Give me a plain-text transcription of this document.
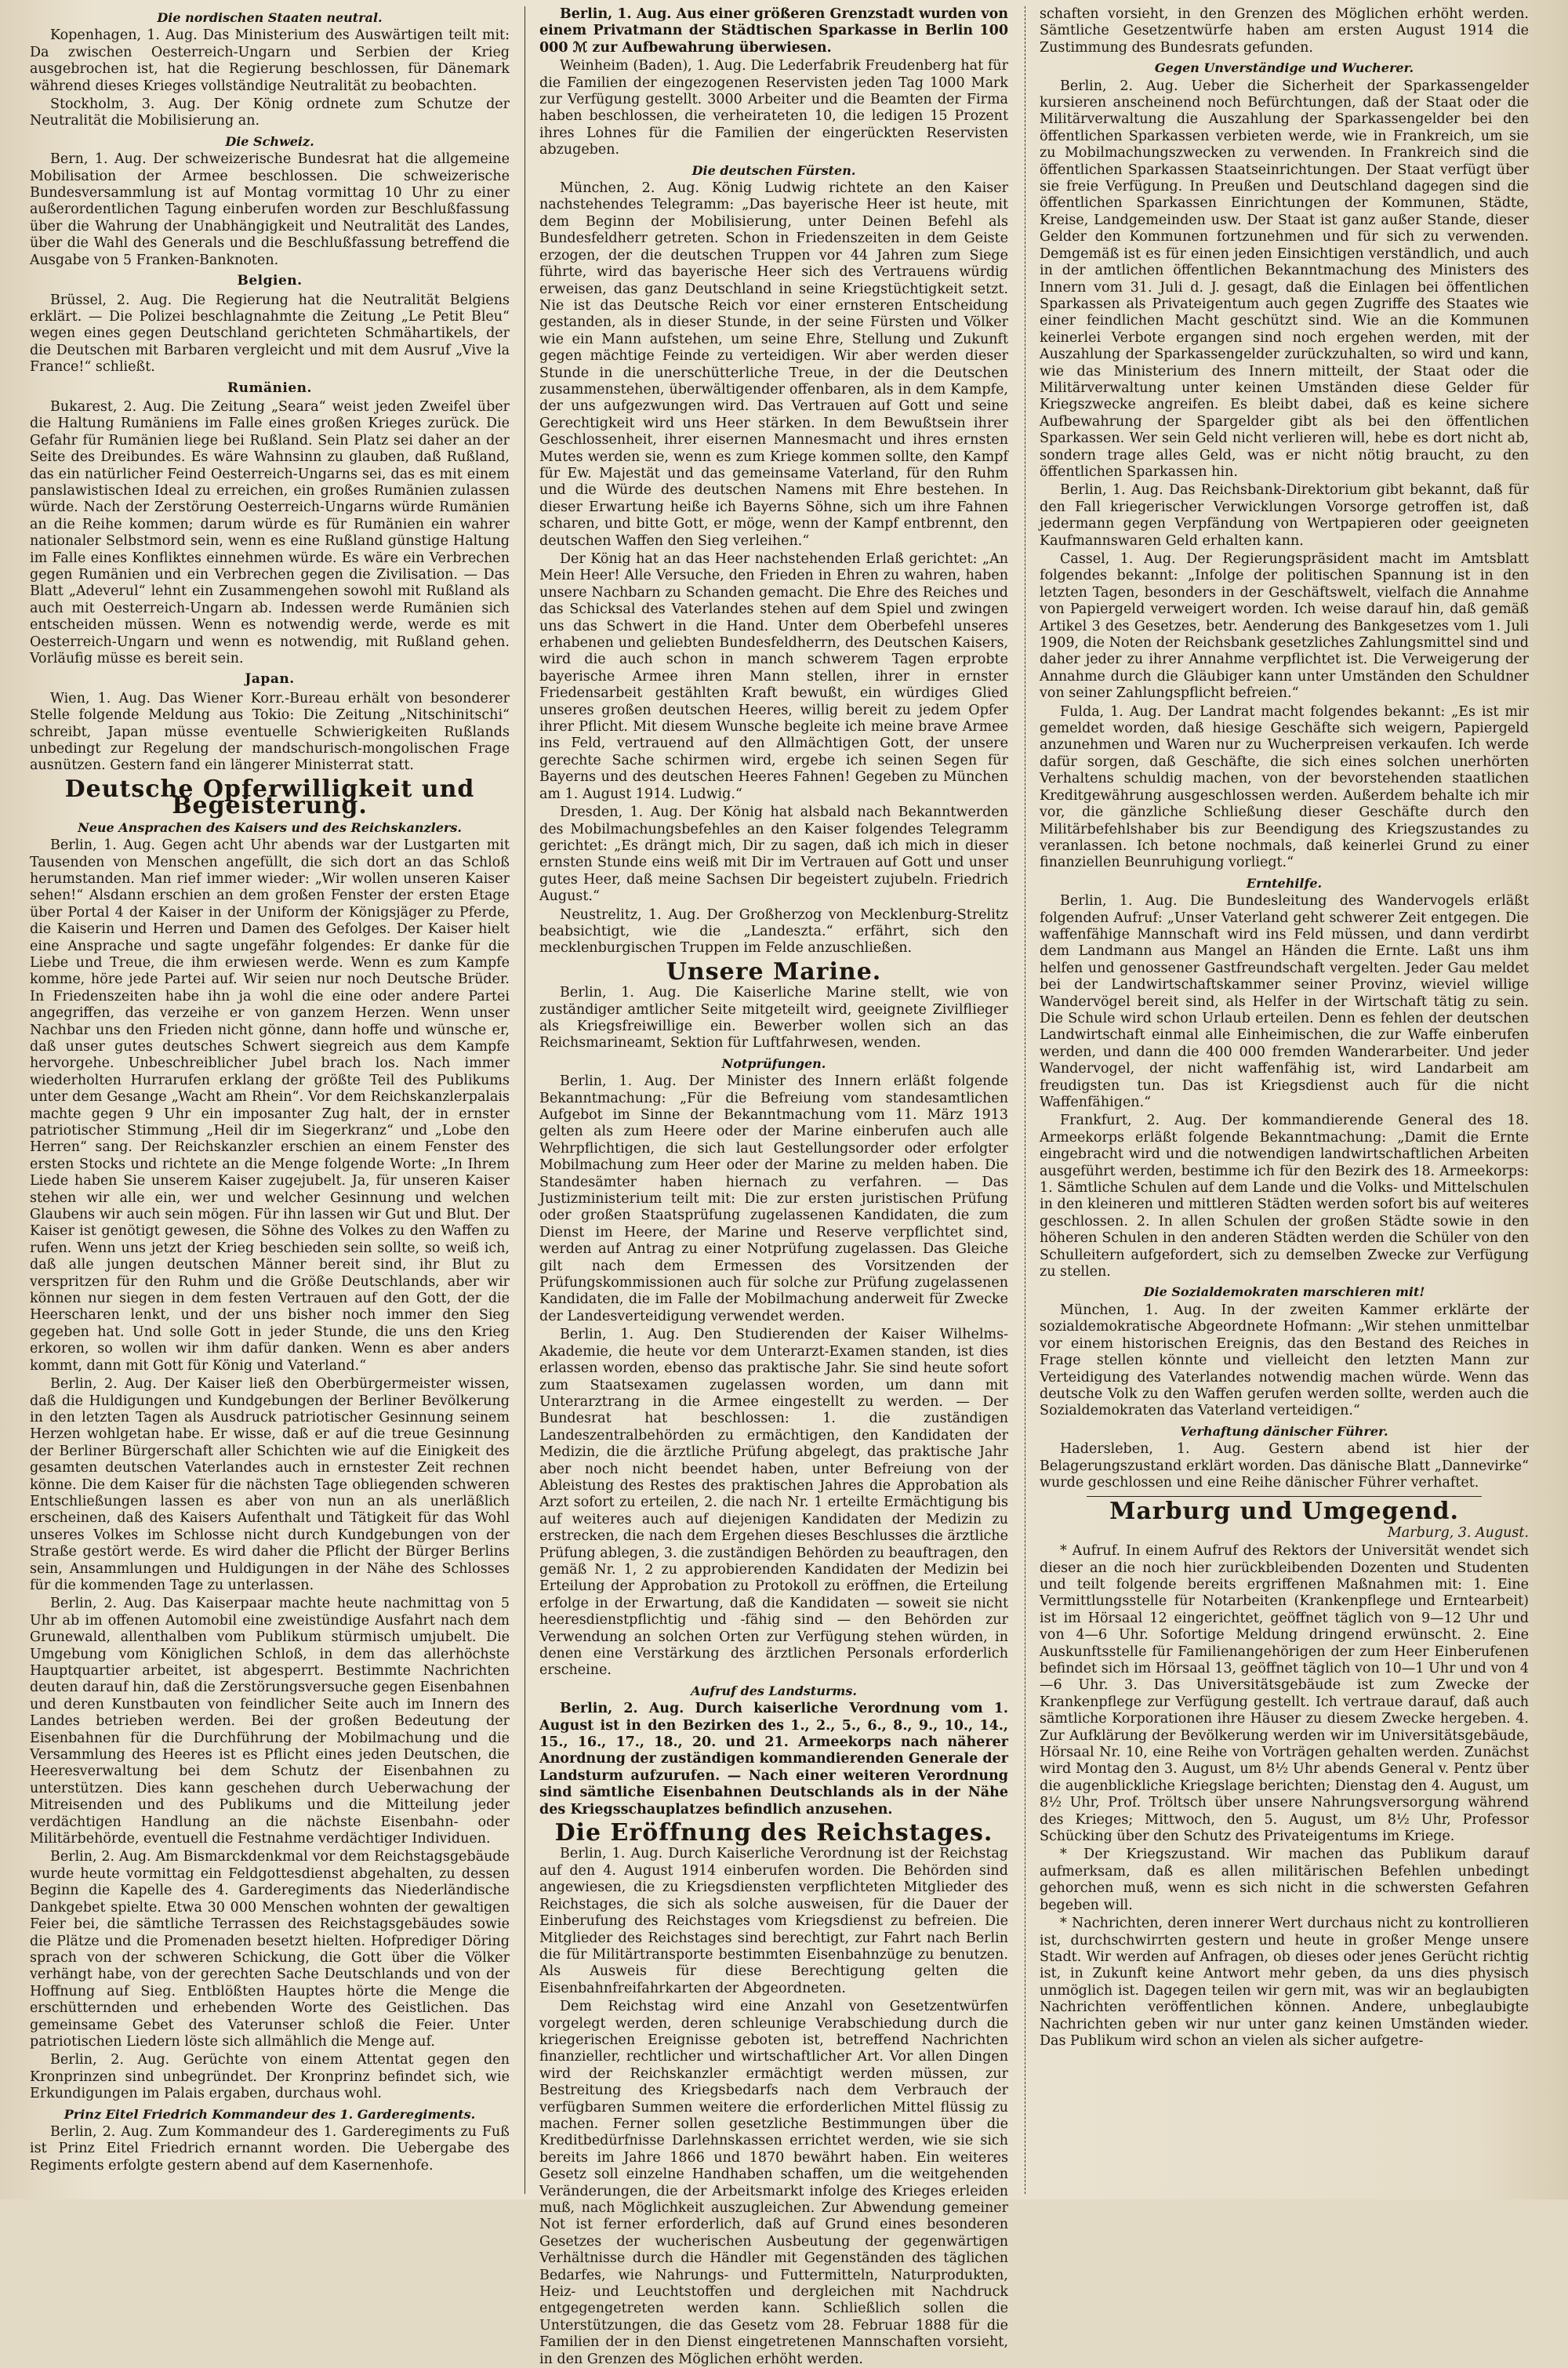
Die nordischen Staaten neutral.

Kopenhagen, 1. Aug. Das Ministerium des Auswärtigen teilt mit: Da zwischen Oesterreich-Ungarn und Serbien der Krieg ausgebrochen ist, hat die Regierung beschlossen, für Dänemark während dieses Krieges vollständige Neutralität zu beobachten.

Stockholm, 3. Aug. Der König ordnete zum Schutze der Neutralität die Mobilisierung an.

Die Schweiz.

Bern, 1. Aug. Der schweizerische Bundesrat hat die allgemeine Mobilisation der Armee beschlossen. Die schweizerische Bundesversammlung ist auf Montag vormittag 10 Uhr zu einer außerordentlichen Tagung einberufen worden zur Beschlußfassung über die Wahrung der Unabhängigkeit und Neutralität des Landes, über die Wahl des Generals und die Beschlußfassung betreffend die Ausgabe von 5 Franken-Banknoten.

Belgien.

Brüssel, 2. Aug. Die Regierung hat die Neutralität Belgiens erklärt. — Die Polizei beschlagnahmte die Zeitung „Le Petit Bleu“ wegen eines gegen Deutschland gerichteten Schmähartikels, der die Deutschen mit Barbaren vergleicht und mit dem Ausruf „Vive la France!“ schließt.

Rumänien.

Bukarest, 2. Aug. Die Zeitung „Seara“ weist jeden Zweifel über die Haltung Rumäniens im Falle eines großen Krieges zurück. Die Gefahr für Rumänien liege bei Rußland. Sein Platz sei daher an der Seite des Dreibundes. Es wäre Wahnsinn zu glauben, daß Rußland, das ein natürlicher Feind Oesterreich-Ungarns sei, das es mit einem panslawistischen Ideal zu erreichen, ein großes Rumänien zulassen würde. Nach der Zerstörung Oesterreich-Ungarns würde Rumänien an die Reihe kommen; darum würde es für Rumänien ein wahrer nationaler Selbstmord sein, wenn es eine Rußland günstige Haltung im Falle eines Konfliktes einnehmen würde. Es wäre ein Verbrechen gegen Rumänien und ein Verbrechen gegen die Zivilisation. — Das Blatt „Adeverul“ lehnt ein Zusammengehen sowohl mit Rußland als auch mit Oesterreich-Ungarn ab. Indessen werde Rumänien sich entscheiden müssen. Wenn es notwendig werde, werde es mit Oesterreich-Ungarn und wenn es notwendig, mit Rußland gehen. Vorläufig müsse es bereit sein.

Japan.

Wien, 1. Aug. Das Wiener Korr.-Bureau erhält von besonderer Stelle folgende Meldung aus Tokio: Die Zeitung „Nitschinitschi“ schreibt, Japan müsse eventuelle Schwierigkeiten Rußlands unbedingt zur Regelung der mandschurisch-mongolischen Frage ausnützen. Gestern fand ein längerer Ministerrat statt.

Deutsche Opferwilligkeit und Begeisterung.
Neue Ansprachen des Kaisers und des Reichskanzlers.

Berlin, 1. Aug. Gegen acht Uhr abends war der Lustgarten mit Tausenden von Menschen angefüllt, die sich dort an das Schloß herumstanden. Man rief immer wieder: „Wir wollen unseren Kaiser sehen!“ Alsdann erschien an dem großen Fenster der ersten Etage über Portal 4 der Kaiser in der Uniform der Königsjäger zu Pferde, die Kaiserin und Herren und Damen des Gefolges. Der Kaiser hielt eine Ansprache und sagte ungefähr folgendes: Er danke für die Liebe und Treue, die ihm erwiesen werde. Wenn es zum Kampfe komme, höre jede Partei auf. Wir seien nur noch Deutsche Brüder. In Friedenszeiten habe ihn ja wohl die eine oder andere Partei angegriffen, das verzeihe er von ganzem Herzen. Wenn unser Nachbar uns den Frieden nicht gönne, dann hoffe und wünsche er, daß unser gutes deutsches Schwert siegreich aus dem Kampfe hervorgehe. Unbeschreiblicher Jubel brach los. Nach immer wiederholten Hurrarufen erklang der größte Teil des Publikums unter dem Gesange „Wacht am Rhein“. Vor dem Reichskanzlerpalais machte gegen 9 Uhr ein imposanter Zug halt, der in ernster patriotischer Stimmung „Heil dir im Siegerkranz“ und „Lobe den Herren“ sang. Der Reichskanzler erschien an einem Fenster des ersten Stocks und richtete an die Menge folgende Worte: „In Ihrem Liede haben Sie unserem Kaiser zugejubelt. Ja, für unseren Kaiser stehen wir alle ein, wer und welcher Gesinnung und welchen Glaubens wir auch sein mögen. Für ihn lassen wir Gut und Blut. Der Kaiser ist genötigt gewesen, die Söhne des Volkes zu den Waffen zu rufen. Wenn uns jetzt der Krieg beschieden sein sollte, so weiß ich, daß alle jungen deutschen Männer bereit sind, ihr Blut zu verspritzen für den Ruhm und die Größe Deutschlands, aber wir können nur siegen in dem festen Vertrauen auf den Gott, der die Heerscharen lenkt, und der uns bisher noch immer den Sieg gegeben hat. Und solle Gott in jeder Stunde, die uns den Krieg erkoren, so wollen wir ihm dafür danken. Wenn es aber anders kommt, dann mit Gott für König und Vaterland.“

Berlin, 2. Aug. Der Kaiser ließ den Oberbürgermeister wissen, daß die Huldigungen und Kundgebungen der Berliner Bevölkerung in den letzten Tagen als Ausdruck patriotischer Gesinnung seinem Herzen wohlgetan habe. Er wisse, daß er auf die treue Gesinnung der Berliner Bürgerschaft aller Schichten wie auf die Einigkeit des gesamten deutschen Vaterlandes auch in ernstester Zeit rechnen könne. Die dem Kaiser für die nächsten Tage obliegenden schweren Entschließungen lassen es aber von nun an als unerläßlich erscheinen, daß des Kaisers Aufenthalt und Tätigkeit für das Wohl unseres Volkes im Schlosse nicht durch Kundgebungen von der Straße gestört werde. Es wird daher die Pflicht der Bürger Berlins sein, Ansammlungen und Huldigungen in der Nähe des Schlosses für die kommenden Tage zu unterlassen.

Berlin, 2. Aug. Das Kaiserpaar machte heute nachmittag von 5 Uhr ab im offenen Automobil eine zweistündige Ausfahrt nach dem Grunewald, allenthalben vom Publikum stürmisch umjubelt. Die Umgebung vom Königlichen Schloß, in dem das allerhöchste Hauptquartier arbeitet, ist abgesperrt. Bestimmte Nachrichten deuten darauf hin, daß die Zerstörungsversuche gegen Eisenbahnen und deren Kunstbauten von feindlicher Seite auch im Innern des Landes betrieben werden. Bei der großen Bedeutung der Eisenbahnen für die Durchführung der Mobilmachung und die Versammlung des Heeres ist es Pflicht eines jeden Deutschen, die Heeresverwaltung bei dem Schutz der Eisenbahnen zu unterstützen. Dies kann geschehen durch Ueberwachung der Mitreisenden und des Publikums und die Mitteilung jeder verdächtigen Handlung an die nächste Eisenbahn- oder Militärbehörde, eventuell die Festnahme verdächtiger Individuen.

Berlin, 2. Aug. Am Bismarckdenkmal vor dem Reichstagsgebäude wurde heute vormittag ein Feldgottesdienst abgehalten, zu dessen Beginn die Kapelle des 4. Garderegiments das Niederländische Dankgebet spielte. Etwa 30 000 Menschen wohnten der gewaltigen Feier bei, die sämtliche Terrassen des Reichstagsgebäudes sowie die Plätze und die Promenaden besetzt hielten. Hofprediger Döring sprach von der schweren Schickung, die Gott über die Völker verhängt habe, von der gerechten Sache Deutschlands und von der Hoffnung auf Sieg. Entblößten Hauptes hörte die Menge die erschütternden und erhebenden Worte des Geistlichen. Das gemeinsame Gebet des Vaterunser schloß die Feier. Unter patriotischen Liedern löste sich allmählich die Menge auf.

Berlin, 2. Aug. Gerüchte von einem Attentat gegen den Kronprinzen sind unbegründet. Der Kronprinz befindet sich, wie Erkundigungen im Palais ergaben, durchaus wohl.

Prinz Eitel Friedrich Kommandeur des 1. Garderegiments.

Berlin, 2. Aug. Zum Kommandeur des 1. Garderegiments zu Fuß ist Prinz Eitel Friedrich ernannt worden. Die Uebergabe des Regiments erfolgte gestern abend auf dem Kasernenhofe.

Berlin, 1. Aug. Aus einer größeren Grenzstadt wurden von einem Privatmann der Städtischen Sparkasse in Berlin 100 000 ℳ zur Aufbewahrung überwiesen.

Weinheim (Baden), 1. Aug. Die Lederfabrik Freudenberg hat für die Familien der eingezogenen Reservisten jeden Tag 1000 Mark zur Verfügung gestellt. 3000 Arbeiter und die Beamten der Firma haben beschlossen, die verheirateten 10, die ledigen 15 Prozent ihres Lohnes für die Familien der eingerückten Reservisten abzugeben.

Die deutschen Fürsten.

München, 2. Aug. König Ludwig richtete an den Kaiser nachstehendes Telegramm: „Das bayerische Heer ist heute, mit dem Beginn der Mobilisierung, unter Deinen Befehl als Bundesfeldherr getreten. Schon in Friedenszeiten in dem Geiste erzogen, der die deutschen Truppen vor 44 Jahren zum Siege führte, wird das bayerische Heer sich des Vertrauens würdig erweisen, das ganz Deutschland in seine Kriegstüchtigkeit setzt. Nie ist das Deutsche Reich vor einer ernsteren Entscheidung gestanden, als in dieser Stunde, in der seine Fürsten und Völker wie ein Mann aufstehen, um seine Ehre, Stellung und Zukunft gegen mächtige Feinde zu verteidigen. Wir aber werden dieser Stunde in die unerschütterliche Treue, in der die Deutschen zusammenstehen, überwältigender offenbaren, als in dem Kampfe, der uns aufgezwungen wird. Das Vertrauen auf Gott und seine Gerechtigkeit wird uns Heer stärken. In dem Bewußtsein ihrer Geschlossenheit, ihrer eisernen Mannesmacht und ihres ernsten Mutes werden sie, wenn es zum Kriege kommen sollte, den Kampf für Ew. Majestät und das gemeinsame Vaterland, für den Ruhm und die Würde des deutschen Namens mit Ehre bestehen. In dieser Erwartung heiße ich Bayerns Söhne, sich um ihre Fahnen scharen, und bitte Gott, er möge, wenn der Kampf entbrennt, den deutschen Waffen den Sieg verleihen.“

Der König hat an das Heer nachstehenden Erlaß gerichtet: „An Mein Heer! Alle Versuche, den Frieden in Ehren zu wahren, haben unsere Nachbarn zu Schanden gemacht. Die Ehre des Reiches und das Schicksal des Vaterlandes stehen auf dem Spiel und zwingen uns das Schwert in die Hand. Unter dem Oberbefehl unseres erhabenen und geliebten Bundesfeldherrn, des Deutschen Kaisers, wird die auch schon in manch schwerem Tagen erprobte bayerische Armee ihren Mann stellen, ihrer in ernster Friedensarbeit gestählten Kraft bewußt, ein würdiges Glied unseres großen deutschen Heeres, willig bereit zu jedem Opfer ihrer Pflicht. Mit diesem Wunsche begleite ich meine brave Armee ins Feld, vertrauend auf den Allmächtigen Gott, der unsere gerechte Sache schirmen wird, ergebe ich seinen Segen für Bayerns und des deutschen Heeres Fahnen! Gegeben zu München am 1. August 1914. Ludwig.“

Dresden, 1. Aug. Der König hat alsbald nach Bekanntwerden des Mobilmachungsbefehles an den Kaiser folgendes Telegramm gerichtet: „Es drängt mich, Dir zu sagen, daß ich mich in dieser ernsten Stunde eins weiß mit Dir im Vertrauen auf Gott und unser gutes Heer, daß meine Sachsen Dir begeistert zujubeln. Friedrich August.“

Neustrelitz, 1. Aug. Der Großherzog von Mecklenburg-Strelitz beabsichtigt, wie die „Landeszta.“ erfährt, sich den mecklenburgischen Truppen im Felde anzuschließen.

Unsere Marine.

Berlin, 1. Aug. Die Kaiserliche Marine stellt, wie von zuständiger amtlicher Seite mitgeteilt wird, geeignete Zivilflieger als Kriegsfreiwillige ein. Bewerber wollen sich an das Reichsmarineamt, Sektion für Luftfahrwesen, wenden.

Notprüfungen.

Berlin, 1. Aug. Der Minister des Innern erläßt folgende Bekanntmachung: „Für die Befreiung vom standesamtlichen Aufgebot im Sinne der Bekanntmachung vom 11. März 1913 gelten als zum Heere oder der Marine einberufen auch alle Wehrpflichtigen, die sich laut Gestellungsorder oder erfolgter Mobilmachung zum Heer oder der Marine zu melden haben. Die Standesämter haben hiernach zu verfahren. — Das Justizministerium teilt mit: Die zur ersten juristischen Prüfung oder großen Staatsprüfung zugelassenen Kandidaten, die zum Dienst im Heere, der Marine und Reserve verpflichtet sind, werden auf Antrag zu einer Notprüfung zugelassen. Das Gleiche gilt nach dem Ermessen des Vorsitzenden der Prüfungskommissionen auch für solche zur Prüfung zugelassenen Kandidaten, die im Falle der Mobilmachung anderweit für Zwecke der Landesverteidigung verwendet werden.

Berlin, 1. Aug. Den Studierenden der Kaiser Wilhelms-Akademie, die heute vor dem Unterarzt-Examen standen, ist dies erlassen worden, ebenso das praktische Jahr. Sie sind heute sofort zum Staatsexamen zugelassen worden, um dann mit Unterarztrang in die Armee eingestellt zu werden. — Der Bundesrat hat beschlossen: 1. die zuständigen Landeszentralbehörden zu ermächtigen, den Kandidaten der Medizin, die die ärztliche Prüfung abgelegt, das praktische Jahr aber noch nicht beendet haben, unter Befreiung von der Ableistung des Restes des praktischen Jahres die Approbation als Arzt sofort zu erteilen, 2. die nach Nr. 1 erteilte Ermächtigung bis auf weiteres auch auf diejenigen Kandidaten der Medizin zu erstrecken, die nach dem Ergehen dieses Beschlusses die ärztliche Prüfung ablegen, 3. die zuständigen Behörden zu beauftragen, den gemäß Nr. 1, 2 zu approbierenden Kandidaten der Medizin bei Erteilung der Approbation zu Protokoll zu eröffnen, die Erteilung erfolge in der Erwartung, daß die Kandidaten — soweit sie nicht heeresdienstpflichtig und -fähig sind — den Behörden zur Verwendung an solchen Orten zur Verfügung stehen würden, in denen eine Verstärkung des ärztlichen Personals erforderlich erscheine.

Aufruf des Landsturms.

Berlin, 2. Aug. Durch kaiserliche Verordnung vom 1. August ist in den Bezirken des 1., 2., 5., 6., 8., 9., 10., 14., 15., 16., 17., 18., 20. und 21. Armeekorps nach näherer Anordnung der zuständigen kommandierenden Generale der Landsturm aufzurufen. — Nach einer weiteren Verordnung sind sämtliche Eisenbahnen Deutschlands als in der Nähe des Kriegsschauplatzes befindlich anzusehen.

Die Eröffnung des Reichstages.

Berlin, 1. Aug. Durch Kaiserliche Verordnung ist der Reichstag auf den 4. August 1914 einberufen worden. Die Behörden sind angewiesen, die zu Kriegsdiensten verpflichteten Mitglieder des Reichstages, die sich als solche ausweisen, für die Dauer der Einberufung des Reichstages vom Kriegsdienst zu befreien. Die Mitglieder des Reichstages sind berechtigt, zur Fahrt nach Berlin die für Militärtransporte bestimmten Eisenbahnzüge zu benutzen. Als Ausweis für diese Berechtigung gelten die Eisenbahnfreifahrkarten der Abgeordneten.

Dem Reichstag wird eine Anzahl von Gesetzentwürfen vorgelegt werden, deren schleunige Verabschiedung durch die kriegerischen Ereignisse geboten ist, betreffend Nachrichten finanzieller, rechtlicher und wirtschaftlicher Art. Vor allen Dingen wird der Reichskanzler ermächtigt werden müssen, zur Bestreitung des Kriegsbedarfs nach dem Verbrauch der verfügbaren Summen weitere die erforderlichen Mittel flüssig zu machen. Ferner sollen gesetzliche Bestimmungen über die Kreditbedürfnisse Darlehnskassen errichtet werden, wie sie sich bereits im Jahre 1866 und 1870 bewährt haben. Ein weiteres Gesetz soll einzelne Handhaben schaffen, um die weitgehenden Veränderungen, die der Arbeitsmarkt infolge des Krieges erleiden muß, nach Möglichkeit auszugleichen. Zur Abwendung gemeiner Not ist ferner erforderlich, daß auf Grund eines besonderen Gesetzes der wucherischen Ausbeutung der gegenwärtigen Verhältnisse durch die Händler mit Gegenständen des täglichen Bedarfes, wie Nahrungs- und Futtermitteln, Naturprodukten, Heiz- und Leuchtstoffen und dergleichen mit Nachdruck entgegengetreten werden kann. Schließlich sollen die Unterstützungen, die das Gesetz vom 28. Februar 1888 für die Familien der in den Dienst eingetretenen Mannschaften vorsieht, in den Grenzen des Möglichen erhöht werden.

schaften vorsieht, in den Grenzen des Möglichen erhöht werden. Sämtliche Gesetzentwürfe haben am ersten August 1914 die Zustimmung des Bundesrats gefunden.

Gegen Unverständige und Wucherer.

Berlin, 2. Aug. Ueber die Sicherheit der Sparkassengelder kursieren anscheinend noch Befürchtungen, daß der Staat oder die Militärverwaltung die Auszahlung der Sparkassengelder bei den öffentlichen Sparkassen verbieten werde, wie in Frankreich, um sie zu Mobilmachungszwecken zu verwenden. In Frankreich sind die öffentlichen Sparkassen Staatseinrichtungen. Der Staat verfügt über sie freie Verfügung. In Preußen und Deutschland dagegen sind die öffentlichen Sparkassen Einrichtungen der Kommunen, Städte, Kreise, Landgemeinden usw. Der Staat ist ganz außer Stande, dieser Gelder den Kommunen fortzunehmen und für sich zu verwenden. Demgemäß ist es für einen jeden Einsichtigen verständlich, und auch in der amtlichen öffentlichen Bekanntmachung des Ministers des Innern vom 31. Juli d. J. gesagt, daß die Einlagen bei öffentlichen Sparkassen als Privateigentum auch gegen Zugriffe des Staates wie einer feindlichen Macht geschützt sind. Wie an die Kommunen keinerlei Verbote ergangen sind noch ergehen werden, mit der Auszahlung der Sparkassengelder zurückzuhalten, so wird und kann, wie das Ministerium des Innern mitteilt, der Staat oder die Militärverwaltung unter keinen Umständen diese Gelder für Kriegszwecke angreifen. Es bleibt dabei, daß es keine sichere Aufbewahrung der Spargelder gibt als bei den öffentlichen Sparkassen. Wer sein Geld nicht verlieren will, hebe es dort nicht ab, sondern trage alles Geld, was er nicht nötig braucht, zu den öffentlichen Sparkassen hin.

Berlin, 1. Aug. Das Reichsbank-Direktorium gibt bekannt, daß für den Fall kriegerischer Verwicklungen Vorsorge getroffen ist, daß jedermann gegen Verpfändung von Wertpapieren oder geeigneten Kaufmannswaren Geld erhalten kann.

Cassel, 1. Aug. Der Regierungspräsident macht im Amtsblatt folgendes bekannt: „Infolge der politischen Spannung ist in den letzten Tagen, besonders in der Geschäftswelt, vielfach die Annahme von Papiergeld verweigert worden. Ich weise darauf hin, daß gemäß Artikel 3 des Gesetzes, betr. Aenderung des Bankgesetzes vom 1. Juli 1909, die Noten der Reichsbank gesetzliches Zahlungsmittel sind und daher jeder zu ihrer Annahme verpflichtet ist. Die Verweigerung der Annahme durch die Gläubiger kann unter Umständen den Schuldner von seiner Zahlungspflicht befreien.“

Fulda, 1. Aug. Der Landrat macht folgendes bekannt: „Es ist mir gemeldet worden, daß hiesige Geschäfte sich weigern, Papiergeld anzunehmen und Waren nur zu Wucherpreisen verkaufen. Ich werde dafür sorgen, daß Geschäfte, die sich eines solchen unerhörten Verhaltens schuldig machen, von der bevorstehenden staatlichen Kreditgewährung ausgeschlossen werden. Außerdem behalte ich mir vor, die gänzliche Schließung dieser Geschäfte durch den Militärbefehlshaber bis zur Beendigung des Kriegszustandes zu veranlassen. Ich betone nochmals, daß keinerlei Grund zu einer finanziellen Beunruhigung vorliegt.“

Erntehilfe.

Berlin, 1. Aug. Die Bundesleitung des Wandervogels erläßt folgenden Aufruf: „Unser Vaterland geht schwerer Zeit entgegen. Die waffenfähige Mannschaft wird ins Feld müssen, und dann verdirbt dem Landmann aus Mangel an Händen die Ernte. Laßt uns ihm helfen und genossener Gastfreundschaft vergelten. Jeder Gau meldet bei der Landwirtschaftskammer seiner Provinz, wieviel willige Wandervögel bereit sind, als Helfer in der Wirtschaft tätig zu sein. Die Schule wird schon Urlaub erteilen. Denn es fehlen der deutschen Landwirtschaft einmal alle Einheimischen, die zur Waffe einberufen werden, und dann die 400 000 fremden Wanderarbeiter. Und jeder Wandervogel, der nicht waffenfähig ist, wird Landarbeit am freudigsten tun. Das ist Kriegsdienst auch für die nicht Waffenfähigen.“

Frankfurt, 2. Aug. Der kommandierende General des 18. Armeekorps erläßt folgende Bekanntmachung: „Damit die Ernte eingebracht wird und die notwendigen landwirtschaftlichen Arbeiten ausgeführt werden, bestimme ich für den Bezirk des 18. Armeekorps: 1. Sämtliche Schulen auf dem Lande und die Volks- und Mittelschulen in den kleineren und mittleren Städten werden sofort bis auf weiteres geschlossen. 2. In allen Schulen der großen Städte sowie in den höheren Schulen in den anderen Städten werden die Schüler von den Schulleitern aufgefordert, sich zu demselben Zwecke zur Verfügung zu stellen.

Die Sozialdemokraten marschieren mit!

München, 1. Aug. In der zweiten Kammer erklärte der sozialdemokratische Abgeordnete Hofmann: „Wir stehen unmittelbar vor einem historischen Ereignis, das den Bestand des Reiches in Frage stellen könnte und vielleicht den letzten Mann zur Verteidigung des Vaterlandes notwendig machen würde. Wenn das deutsche Volk zu den Waffen gerufen werden sollte, werden auch die Sozialdemokraten das Vaterland verteidigen.“

Verhaftung dänischer Führer.

Hadersleben, 1. Aug. Gestern abend ist hier der Belagerungszustand erklärt worden. Das dänische Blatt „Dannevirke“ wurde geschlossen und eine Reihe dänischer Führer verhaftet.

Marburg und Umgegend.

Marburg, 3. August.

* Aufruf. In einem Aufruf des Rektors der Universität wendet sich dieser an die noch hier zurückbleibenden Dozenten und Studenten und teilt folgende bereits ergriffenen Maßnahmen mit: 1. Eine Vermittlungsstelle für Notarbeiten (Krankenpflege und Erntearbeit) ist im Hörsaal 12 eingerichtet, geöffnet täglich von 9—12 Uhr und von 4—6 Uhr. Sofortige Meldung dringend erwünscht. 2. Eine Auskunftsstelle für Familienangehörigen der zum Heer Einberufenen befindet sich im Hörsaal 13, geöffnet täglich von 10—1 Uhr und von 4—6 Uhr. 3. Das Universitätsgebäude ist zum Zwecke der Krankenpflege zur Verfügung gestellt. Ich vertraue darauf, daß auch sämtliche Korporationen ihre Häuser zu diesem Zwecke hergeben. 4. Zur Aufklärung der Bevölkerung werden wir im Universitätsgebäude, Hörsaal Nr. 10, eine Reihe von Vorträgen gehalten werden. Zunächst wird Montag den 3. August, um 8½ Uhr abends General v. Pentz über die augenblickliche Kriegslage berichten; Dienstag den 4. August, um 8½ Uhr, Prof. Tröltsch über unsere Nahrungsversorgung während des Krieges; Mittwoch, den 5. August, um 8½ Uhr, Professor Schücking über den Schutz des Privateigentums im Kriege.

* Der Kriegszustand. Wir machen das Publikum darauf aufmerksam, daß es allen militärischen Befehlen unbedingt gehorchen muß, wenn es sich nicht in die schwersten Gefahren begeben will.

* Nachrichten, deren innerer Wert durchaus nicht zu kontrollieren ist, durchschwirrten gestern und heute in großer Menge unsere Stadt. Wir werden auf Anfragen, ob dieses oder jenes Gerücht richtig ist, in Zukunft keine Antwort mehr geben, da uns dies physisch unmöglich ist. Dagegen teilen wir gern mit, was wir an beglaubigten Nachrichten veröffentlichen können. Andere, unbeglaubigte Nachrichten geben wir nur unter ganz keinen Umständen wieder. Das Publikum wird schon an vielen als sicher aufgetre-
